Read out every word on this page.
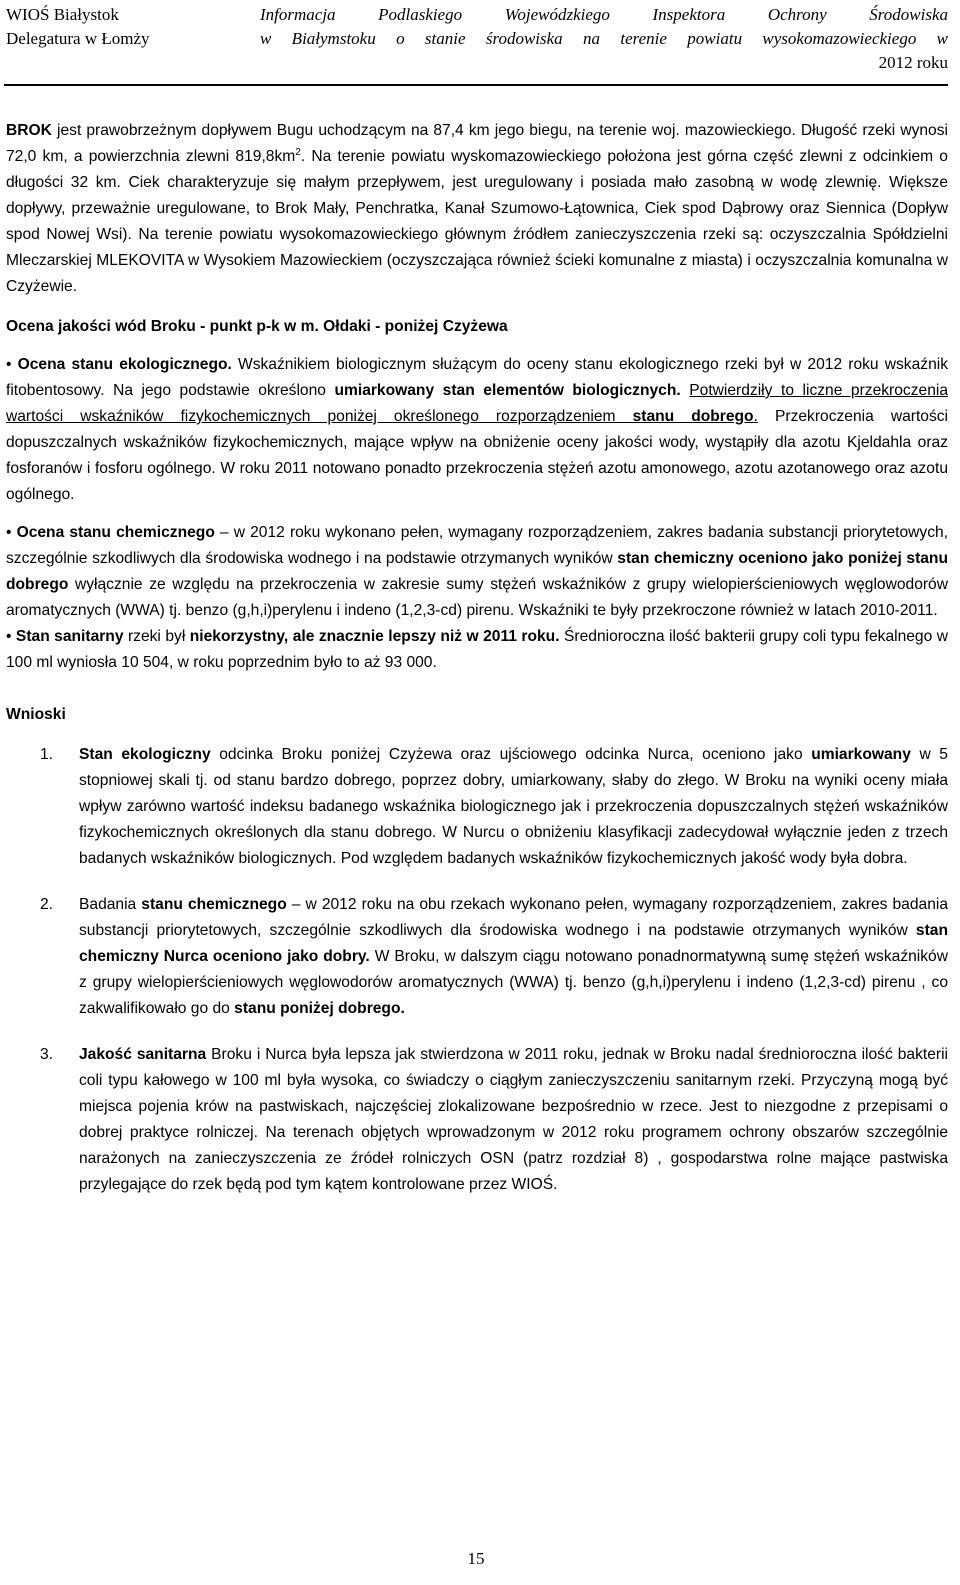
WIOŚ Białystok
Delegatura w Łomży
Informacja Podlaskiego Wojewódzkiego Inspektora Ochrony Środowiska
w Białymstoku o stanie środowiska na terenie powiatu wysokomazowieckiego w
2012 roku

BROK jest prawobrzeżnym dopływem Bugu uchodzącym na 87,4 km jego biegu, na terenie woj. mazowieckiego. Długość rzeki wynosi 72,0 km, a powierzchnia zlewni $819,8km^2$. Na terenie powiatu wyskomazowieckiego położona jest górna część zlewni z odcinkiem o długości 32 km. Ciek charakteryzuje się małym przepływem, jest uregulowany i posiada mało zasobną w wodę zlewnię. Większe dopływy, przeważnie uregulowane, to Brok Mały, Penchratka, Kanał Szumowo-Łątownica, Ciek spod Dąbrowy oraz Siennica (Dopływ spod Nowej Wsi). Na terenie powiatu wysokomazowieckiego głównym źródłem zanieczyszczenia rzeki są: oczyszczalnia Spółdzielni Mleczarskiej MLEKOVITA w Wysokiem Mazowieckiem (oczyszczająca również ścieki komunalne z miasta) i oczyszczalnia komunalna w Czyżewie.

Ocena jakości wód Broku - punkt p-k w m. Ołdaki - poniżej Czyżewa

• Ocena stanu ekologicznego. Wskaźnikiem biologicznym służącym do oceny stanu ekologicznego rzeki był w 2012 roku wskaźnik fitobentosowy. Na jego podstawie określono umiarkowany stan elementów biologicznych. Potwierdziły to liczne przekroczenia wartości wskaźników fizykochemicznych poniżej określonego rozporządzeniem stanu dobrego. Przekroczenia wartości dopuszczalnych wskaźników fizykochemicznych, mające wpływ na obniżenie oceny jakości wody, wystąpiły dla azotu Kjeldahla oraz fosforanów i fosforu ogólnego. W roku 2011 notowano ponadto przekroczenia stężeń azotu amonowego, azotu azotanowego oraz azotu ogólnego.

• Ocena stanu chemicznego – w 2012 roku wykonano pełen, wymagany rozporządzeniem, zakres badania substancji priorytetowych, szczególnie szkodliwych dla środowiska wodnego i na podstawie otrzymanych wyników stan chemiczny oceniono jako poniżej stanu dobrego wyłącznie ze względu na przekroczenia w zakresie sumy stężeń wskaźników z grupy wielopierścieniowych węglowodorów aromatycznych (WWA) tj. benzo (g,h,i)perylenu i indeno (1,2,3-cd) pirenu. Wskaźniki te były przekroczone również w latach 2010-2011.

• Stan sanitarny rzeki był niekorzystny, ale znacznie lepszy niż w 2011 roku. Średnioroczna ilość bakterii grupy coli typu fekalnego w 100 ml wyniosła 10 504, w roku poprzednim było to aż 93 000.

Wnioski

1. Stan ekologiczny odcinka Broku poniżej Czyżewa oraz ujściowego odcinka Nurca, oceniono jako umiarkowany w 5 stopniowej skali tj. od stanu bardzo dobrego, poprzez dobry, umiarkowany, słaby do złego. W Broku na wyniki oceny miała wpływ zarówno wartość indeksu badanego wskaźnika biologicznego jak i przekroczenia dopuszczalnych stężeń wskaźników fizykochemicznych określonych dla stanu dobrego. W Nurcu o obniżeniu klasyfikacji zadecydował wyłącznie jeden z trzech badanych wskaźników biologicznych. Pod względem badanych wskaźników fizykochemicznych jakość wody była dobra.

2. Badania stanu chemicznego – w 2012 roku na obu rzekach wykonano pełen, wymagany rozporządzeniem, zakres badania substancji priorytetowych, szczególnie szkodliwych dla środowiska wodnego i na podstawie otrzymanych wyników stan chemiczny Nurca oceniono jako dobry. W Broku, w dalszym ciągu notowano ponadnormatywną sumę stężeń wskaźników z grupy wielopierścieniowych węglowodorów aromatycznych (WWA) tj. benzo (g,h,i)perylenu i indeno (1,2,3-cd) pirenu , co zakwalifikowało go do stanu poniżej dobrego.

3. Jakość sanitarna Broku i Nurca była lepsza jak stwierdzona w 2011 roku, jednak w Broku nadal średnioroczna ilość bakterii coli typu kałowego w 100 ml była wysoka, co świadczy o ciągłym zanieczyszczeniu sanitarnym rzeki. Przyczyną mogą być miejsca pojenia krów na pastwiskach, najczęściej zlokalizowane bezpośrednio w rzece. Jest to niezgodne z przepisami o dobrej praktyce rolniczej. Na terenach objętych wprowadzonym w 2012 roku programem ochrony obszarów szczególnie narażonych na zanieczyszczenia ze źródeł rolniczych OSN (patrz rozdział 8) , gospodarstwa rolne mające pastwiska przylegające do rzek będą pod tym kątem kontrolowane przez WIOŚ.

15
